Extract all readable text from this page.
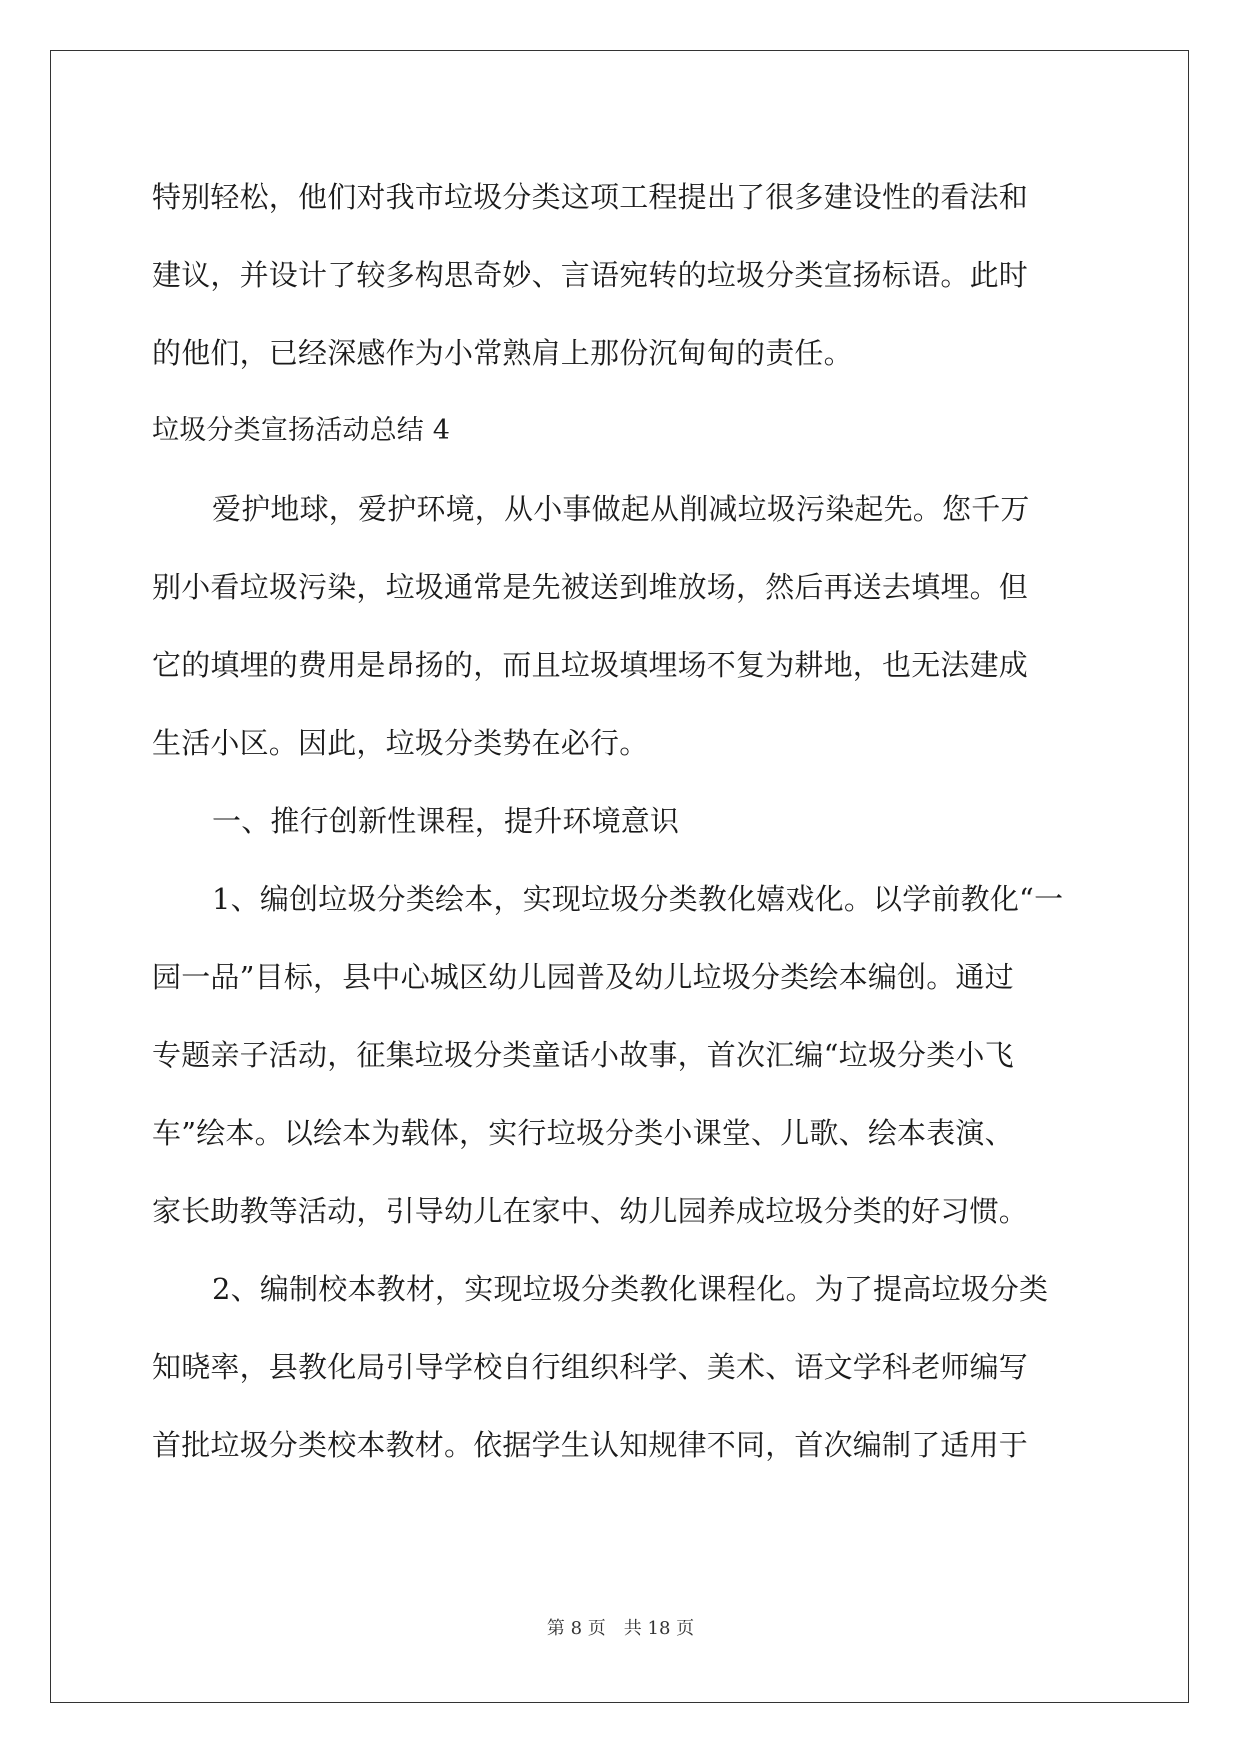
特别轻松，他们对我市垃圾分类这项工程提出了很多建设性的看法和
建议，并设计了较多构思奇妙、言语宛转的垃圾分类宣扬标语。此时
的他们，已经深感作为小常熟肩上那份沉甸甸的责任。
垃圾分类宣扬活动总结 4
爱护地球，爱护环境，从小事做起从削减垃圾污染起先。您千万
别小看垃圾污染，垃圾通常是先被送到堆放场，然后再送去填埋。但
它的填埋的费用是昂扬的，而且垃圾填埋场不复为耕地，也无法建成
生活小区。因此，垃圾分类势在必行。
一、推行创新性课程，提升环境意识
1、编创垃圾分类绘本，实现垃圾分类教化嬉戏化。以学前教化“一
园一品”目标，县中心城区幼儿园普及幼儿垃圾分类绘本编创。通过
专题亲子活动，征集垃圾分类童话小故事，首次汇编“垃圾分类小飞
车”绘本。以绘本为载体，实行垃圾分类小课堂、儿歌、绘本表演、
家长助教等活动，引导幼儿在家中、幼儿园养成垃圾分类的好习惯。
2、编制校本教材，实现垃圾分类教化课程化。为了提高垃圾分类
知晓率，县教化局引导学校自行组织科学、美术、语文学科老师编写
首批垃圾分类校本教材。依据学生认知规律不同，首次编制了适用于
第 8 页　共 18 页
